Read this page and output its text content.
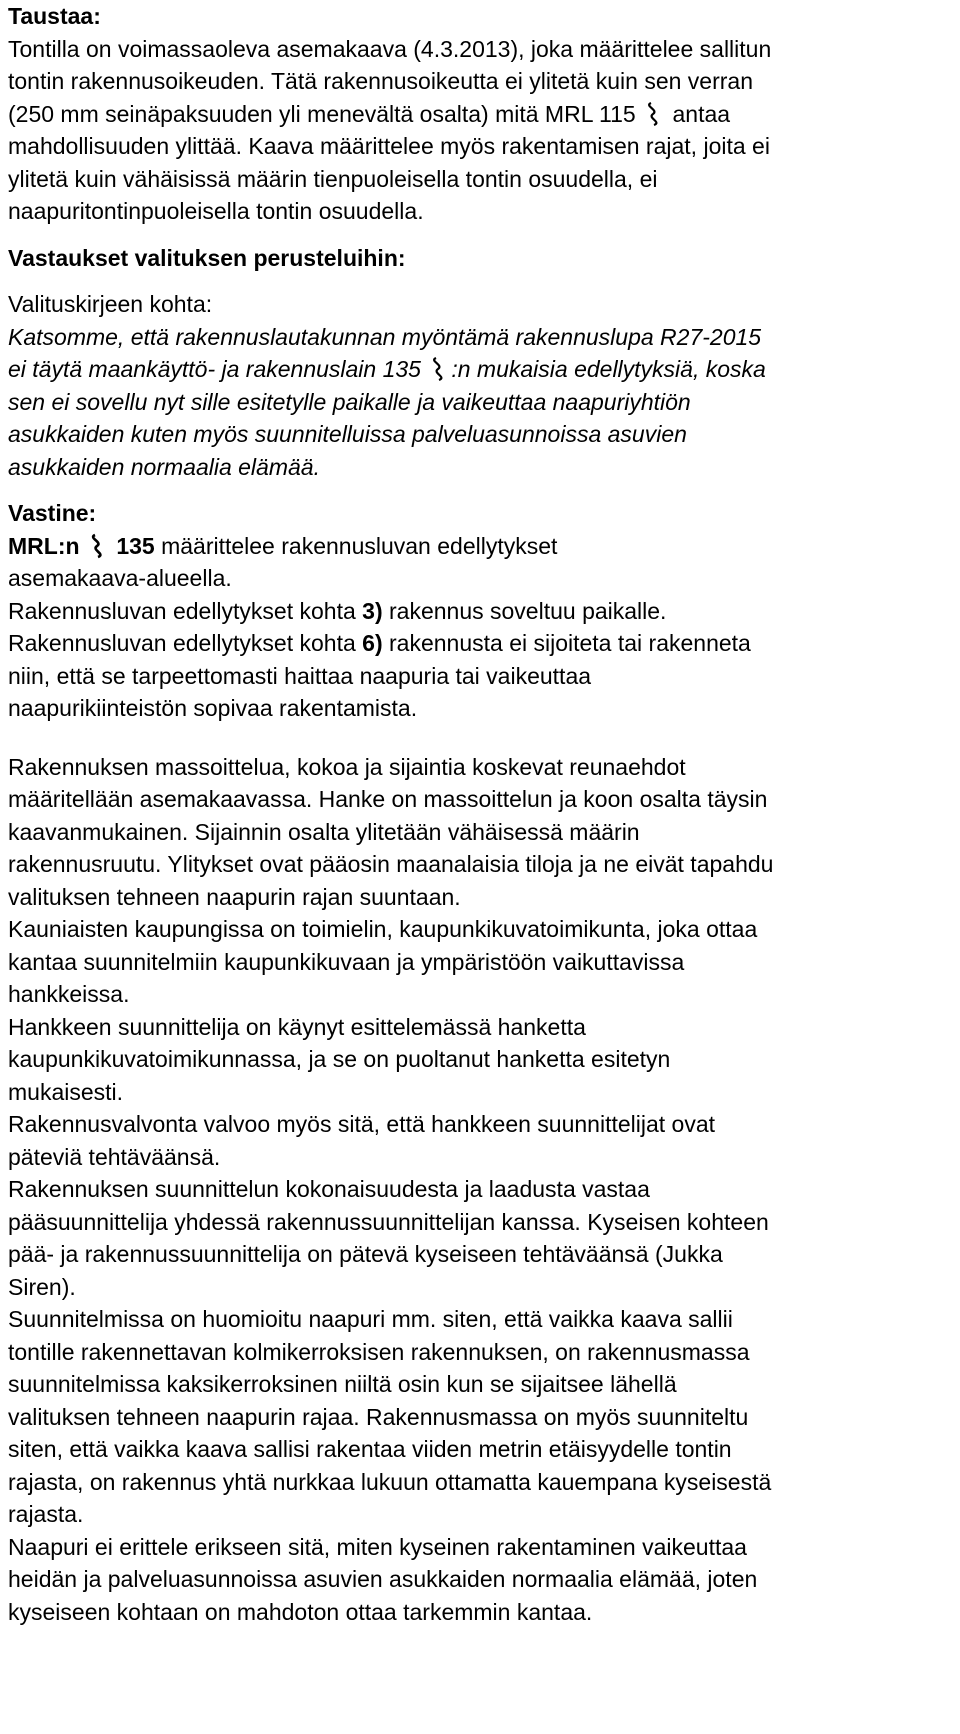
Taustaa:
Tontilla on voimassaoleva asemakaava (4.3.2013), joka määrittelee sallitun
tontin rakennusoikeuden. Tätä rakennusoikeutta ei ylitetä kuin sen verran
(250 mm seinäpaksuuden yli menevältä osalta) mitä MRL 115
antaa
mahdollisuuden ylittää. Kaava määrittelee myös rakentamisen rajat, joita ei
ylitetä kuin vähäisissä määrin tienpuoleisella tontin osuudella, ei
naapuritontinpuoleisella tontin osuudella.
Vastaukset valituksen perusteluihin:
Valituskirjeen kohta:
Katsomme, että rakennuslautakunnan myöntämä rakennuslupa R27-2015
ei täytä maankäyttö- ja rakennuslain 135
:n mukaisia edellytyksiä, koska
sen ei sovellu nyt sille esitetylle paikalle ja vaikeuttaa naapuriyhtiön
asukkaiden kuten myös suunnitelluissa palveluasunnoissa asuvien
asukkaiden normaalia elämää.
Vastine:
MRL:n
135 määrittelee rakennusluvan edellytykset
asemakaava-alueella.
Rakennusluvan edellytykset kohta 3) rakennus soveltuu paikalle.
Rakennusluvan edellytykset kohta 6) rakennusta ei sijoiteta tai rakenneta
niin, että se tarpeettomasti haittaa naapuria tai vaikeuttaa
naapurikiinteistön sopivaa rakentamista.
Rakennuksen massoittelua, kokoa ja sijaintia koskevat reunaehdot
määritellään asemakaavassa. Hanke on massoittelun ja koon osalta täysin
kaavanmukainen. Sijainnin osalta ylitetään vähäisessä määrin
rakennusruutu. Ylitykset ovat pääosin maanalaisia tiloja ja ne eivät tapahdu
valituksen tehneen naapurin rajan suuntaan.
Kauniaisten kaupungissa on toimielin, kaupunkikuvatoimikunta, joka ottaa
kantaa suunnitelmiin kaupunkikuvaan ja ympäristöön vaikuttavissa
hankkeissa.
Hankkeen suunnittelija on käynyt esittelemässä hanketta
kaupunkikuvatoimikunnassa, ja se on puoltanut hanketta esitetyn
mukaisesti.
Rakennusvalvonta valvoo myös sitä, että hankkeen suunnittelijat ovat
päteviä tehtäväänsä.
Rakennuksen suunnittelun kokonaisuudesta ja laadusta vastaa
pääsuunnittelija yhdessä rakennussuunnittelijan kanssa. Kyseisen kohteen
pää- ja rakennussuunnittelija on pätevä kyseiseen tehtäväänsä (Jukka
Siren).
Suunnitelmissa on huomioitu naapuri mm. siten, että vaikka kaava sallii
tontille rakennettavan kolmikerroksisen rakennuksen, on rakennusmassa
suunnitelmissa kaksikerroksinen niiltä osin kun se sijaitsee lähellä
valituksen tehneen naapurin rajaa. Rakennusmassa on myös suunniteltu
siten, että vaikka kaava sallisi rakentaa viiden metrin etäisyydelle tontin
rajasta, on rakennus yhtä nurkkaa lukuun ottamatta kauempana kyseisestä
rajasta.
Naapuri ei erittele erikseen sitä, miten kyseinen rakentaminen vaikeuttaa
heidän ja palveluasunnoissa asuvien asukkaiden normaalia elämää, joten
kyseiseen kohtaan on mahdoton ottaa tarkemmin kantaa.
